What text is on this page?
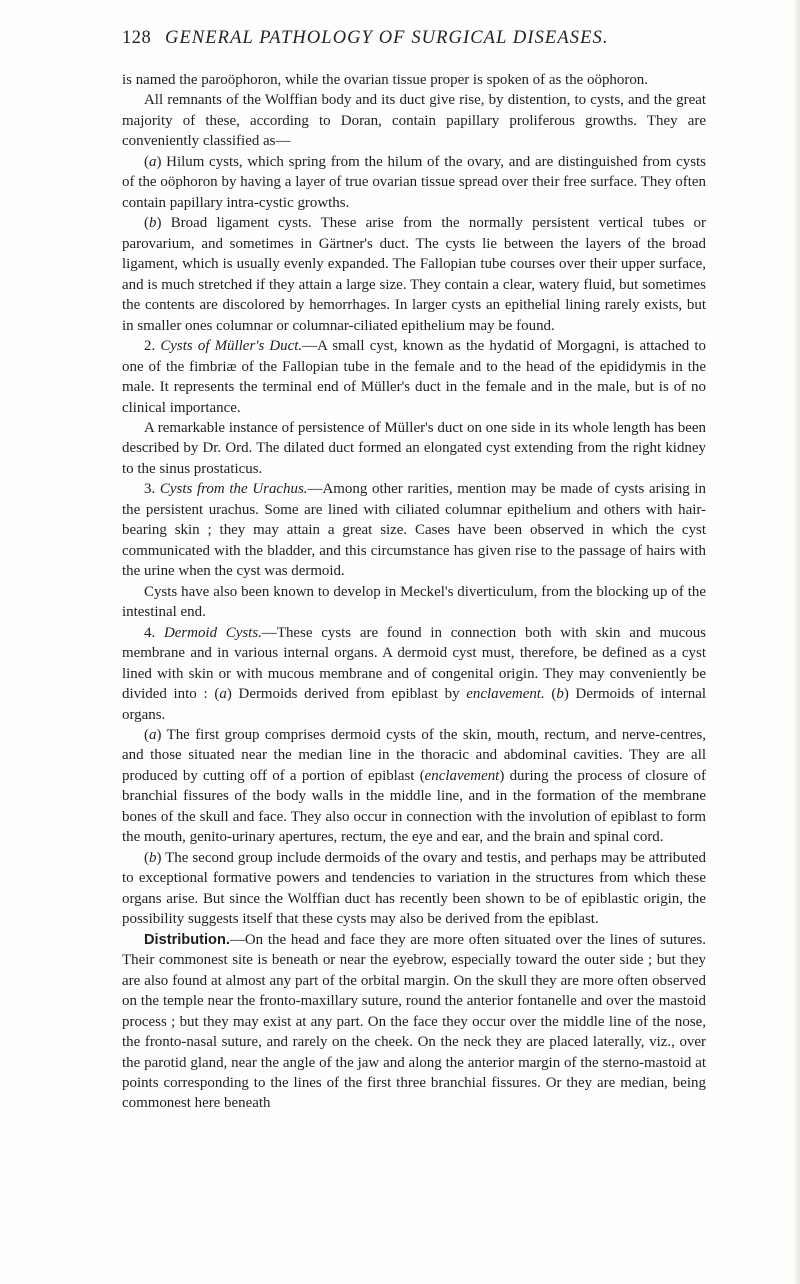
128 GENERAL PATHOLOGY OF SURGICAL DISEASES.

is named the paroöphoron, while the ovarian tissue proper is spoken of as the oöphoron.

All remnants of the Wolffian body and its duct give rise, by distention, to cysts, and the great majority of these, according to Doran, contain papillary proliferous growths. They are conveniently classified as—

(a) Hilum cysts, which spring from the hilum of the ovary, and are distinguished from cysts of the oöphoron by having a layer of true ovarian tissue spread over their free surface. They often contain papillary intra-cystic growths.

(b) Broad ligament cysts. These arise from the normally persistent vertical tubes or parovarium, and sometimes in Gärtner's duct. The cysts lie between the layers of the broad ligament, which is usually evenly expanded. The Fallopian tube courses over their upper surface, and is much stretched if they attain a large size. They contain a clear, watery fluid, but sometimes the contents are discolored by hemorrhages. In larger cysts an epithelial lining rarely exists, but in smaller ones columnar or columnar-ciliated epithelium may be found.

2. Cysts of Müller's Duct.—A small cyst, known as the hydatid of Morgagni, is attached to one of the fimbriæ of the Fallopian tube in the female and to the head of the epididymis in the male. It represents the terminal end of Müller's duct in the female and in the male, but is of no clinical importance.

A remarkable instance of persistence of Müller's duct on one side in its whole length has been described by Dr. Ord. The dilated duct formed an elongated cyst extending from the right kidney to the sinus prostaticus.

3. Cysts from the Urachus.—Among other rarities, mention may be made of cysts arising in the persistent urachus. Some are lined with ciliated columnar epithelium and others with hair-bearing skin ; they may attain a great size. Cases have been observed in which the cyst communicated with the bladder, and this circumstance has given rise to the passage of hairs with the urine when the cyst was dermoid.

Cysts have also been known to develop in Meckel's diverticulum, from the blocking up of the intestinal end.

4. Dermoid Cysts.—These cysts are found in connection both with skin and mucous membrane and in various internal organs. A dermoid cyst must, therefore, be defined as a cyst lined with skin or with mucous membrane and of congenital origin. They may conveniently be divided into : (a) Dermoids derived from epiblast by enclavement. (b) Dermoids of internal organs.

(a) The first group comprises dermoid cysts of the skin, mouth, rectum, and nerve-centres, and those situated near the median line in the thoracic and abdominal cavities. They are all produced by cutting off of a portion of epiblast (enclavement) during the process of closure of branchial fissures of the body walls in the middle line, and in the formation of the membrane bones of the skull and face. They also occur in connection with the involution of epiblast to form the mouth, genito-urinary apertures, rectum, the eye and ear, and the brain and spinal cord.

(b) The second group include dermoids of the ovary and testis, and perhaps may be attributed to exceptional formative powers and tendencies to variation in the structures from which these organs arise. But since the Wolffian duct has recently been shown to be of epiblastic origin, the possibility suggests itself that these cysts may also be derived from the epiblast.

Distribution.—On the head and face they are more often situated over the lines of sutures. Their commonest site is beneath or near the eyebrow, especially toward the outer side ; but they are also found at almost any part of the orbital margin. On the skull they are more often observed on the temple near the fronto-maxillary suture, round the anterior fontanelle and over the mastoid process ; but they may exist at any part. On the face they occur over the middle line of the nose, the fronto-nasal suture, and rarely on the cheek. On the neck they are placed laterally, viz., over the parotid gland, near the angle of the jaw and along the anterior margin of the sterno-mastoid at points corresponding to the lines of the first three branchial fissures. Or they are median, being commonest here beneath
